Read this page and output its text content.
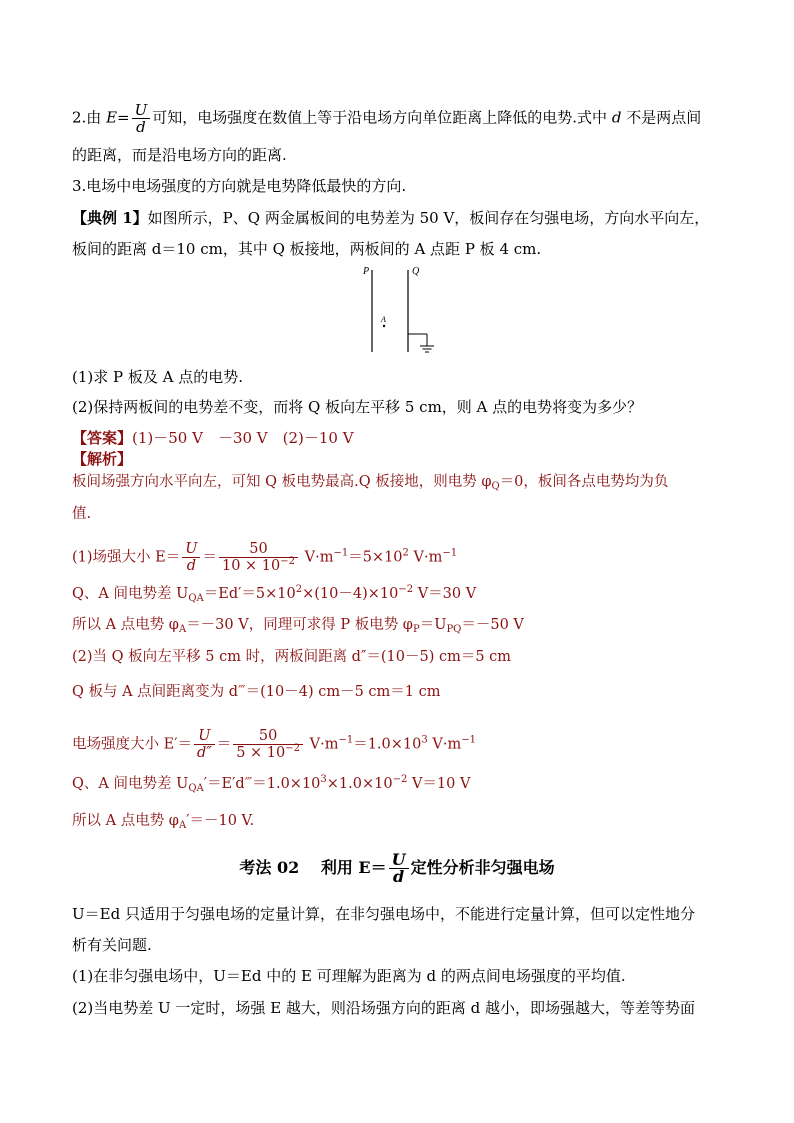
2.由 $E= \frac{U}{d}$ 可知，电场强度在数值上等于沿电场方向单位距离上降低的电势.式中 d 不是两点间
的距离，而是沿电场方向的距离.
3.电场中电场强度的方向就是电势降低最快的方向.
【典例 1】如图所示，P、Q 两金属板间的电势差为 50 V，板间存在匀强电场，方向水平向左，
板间的距离 d＝10 cm，其中 Q 板接地，两板间的 A 点距 P 板 4 cm.
P	Q
A
(1)求 P 板及 A 点的电势.
(2)保持两板间的电势差不变，而将 Q 板向左平移 5 cm，则 A 点的电势将变为多少？
【答案】(1)－50 V　－30 V　(2)－10 V
【解析】
板间场强方向水平向左，可知 Q 板电势最高.Q 板接地，则电势 $\varphi_Q=0$，板间各点电势均为负
值.
(1)场强大小 $E= \frac{U}{d} = \frac{50}{10 \times 10^{-2}} V\cdot m^{-1}=5\times 10^2$ $V\cdot m^{-1}$
Q、A 间电势差 $U_{QA}=Ed'=5\times 10^2\times(10-4)\times 10^{-2}$ V＝30 V
所以 A 点电势 $\varphi_A=-30$ V，同理可求得 P 板电势 $\varphi_P=U_{PQ}=-50$ V
(2)当 Q 板向左平移 5 cm 时，两板间距离 d″＝(10－5) cm＝5 cm
Q 板与 A 点间距离变为 d‴＝(10－4) cm－5 cm＝1 cm
电场强度大小 $E'= \frac{U}{d''} = \frac{50}{5 \times 10^{-2}} V\cdot m^{-1}=1.0\times 10^3$ $V\cdot m^{-1}$
Q、A 间电势差 $U_{QA}'=E'd‴=1.0\times 10^3\times 1.0\times 10^{-2}$ V＝10 V
所以 A 点电势 $\varphi_A'=-10$ V.
考法 02　 利用 $E= \frac{U}{d}$ 定性分析非匀强电场
U＝Ed 只适用于匀强电场的定量计算，在非匀强电场中，不能进行定量计算，但可以定性地分
析有关问题.
(1)在非匀强电场中，U＝Ed 中的 E 可理解为距离为 d 的两点间电场强度的平均值.
(2)当电势差 U 一定时，场强 E 越大，则沿场强方向的距离 d 越小，即场强越大，等差等势面
